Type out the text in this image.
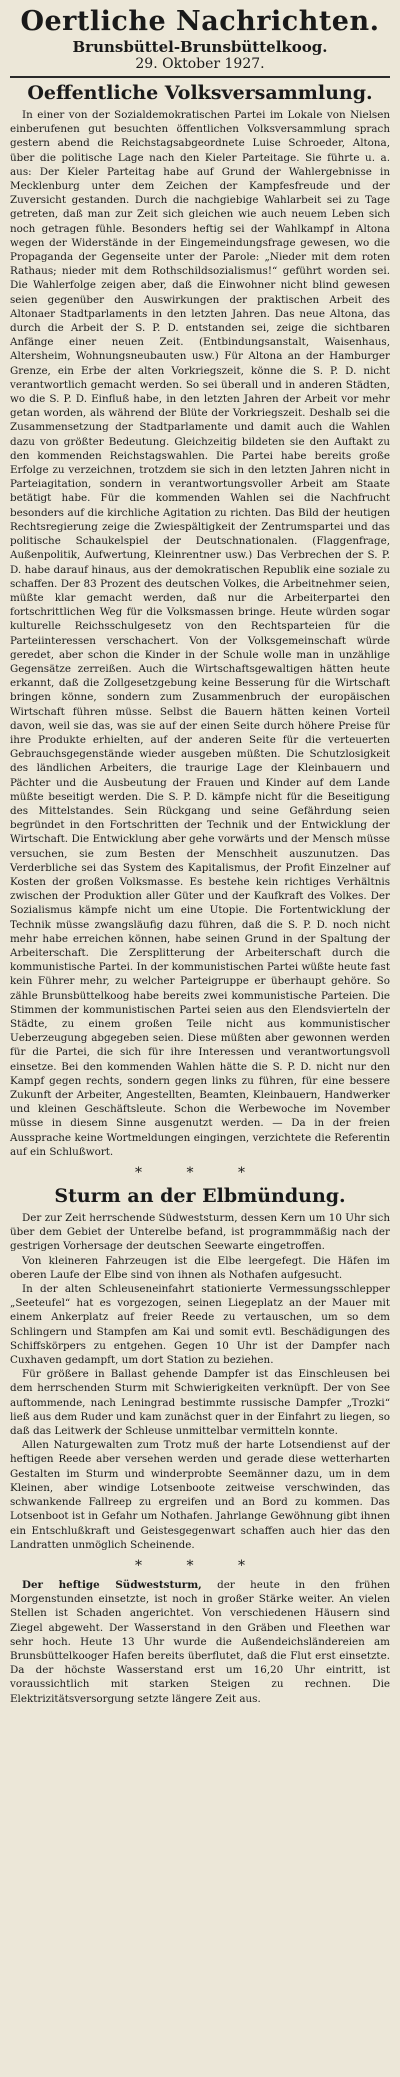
Oertliche Nachrichten.
Brunsbüttel-Brunsbüttelkoog.
29. Oktober 1927.
Oeffentliche Volksversammlung.

In einer von der Sozialdemokratischen Partei im Lokale von Nielsen einberufenen gut besuchten öffentlichen Volksversammlung sprach gestern abend die Reichstagsabgeordnete Luise Schroeder, Altona, über die politische Lage nach den Kieler Parteitage. Sie führte u. a. aus: Der Kieler Parteitag habe auf Grund der Wahlergebnisse in Mecklenburg unter dem Zeichen der Kampfesfreude und der Zuversicht gestanden. Durch die nachgiebige Wahlarbeit sei zu Tage getreten, daß man zur Zeit sich gleichen wie auch neuem Leben sich noch getragen fühle. Besonders heftig sei der Wahlkampf in Altona wegen der Widerstände in der Eingemeindungsfrage gewesen, wo die Propaganda der Gegenseite unter der Parole: „Nieder mit dem roten Rathaus; nieder mit dem Rothschildsozialismus!“ geführt worden sei. Die Wahlerfolge zeigen aber, daß die Einwohner nicht blind gewesen seien gegenüber den Auswirkungen der praktischen Arbeit des Altonaer Stadtparlaments in den letzten Jahren. Das neue Altona, das durch die Arbeit der S. P. D. entstanden sei, zeige die sichtbaren Anfänge einer neuen Zeit. (Entbindungsanstalt, Waisenhaus, Altersheim, Wohnungsneubauten usw.) Für Altona an der Hamburger Grenze, ein Erbe der alten Vorkriegszeit, könne die S. P. D. nicht verantwortlich gemacht werden. So sei überall und in anderen Städten, wo die S. P. D. Einfluß habe, in den letzten Jahren der Arbeit vor mehr getan worden, als während der Blüte der Vorkriegszeit. Deshalb sei die Zusammensetzung der Stadtparlamente und damit auch die Wahlen dazu von größter Bedeutung. Gleichzeitig bildeten sie den Auftakt zu den kommenden Reichstagswahlen. Die Partei habe bereits große Erfolge zu verzeichnen, trotzdem sie sich in den letzten Jahren nicht in Parteiagitation, sondern in verantwortungsvoller Arbeit am Staate betätigt habe. Für die kommenden Wahlen sei die Nachfrucht besonders auf die kirchliche Agitation zu richten. Das Bild der heutigen Rechtsregierung zeige die Zwiespältigkeit der Zentrumspartei und das politische Schaukelspiel der Deutschnationalen. (Flaggenfrage, Außenpolitik, Aufwertung, Kleinrentner usw.) Das Verbrechen der S. P. D. habe darauf hinaus, aus der demokratischen Republik eine soziale zu schaffen. Der 83 Prozent des deutschen Volkes, die Arbeitnehmer seien, müßte klar gemacht werden, daß nur die Arbeiterpartei den fortschrittlichen Weg für die Volksmassen bringe. Heute würden sogar kulturelle Reichsschulgesetz von den Rechtsparteien für die Parteiinteressen verschachert. Von der Volksgemeinschaft würde geredet, aber schon die Kinder in der Schule wolle man in unzählige Gegensätze zerreißen. Auch die Wirtschaftsgewaltigen hätten heute erkannt, daß die Zollgesetzgebung keine Besserung für die Wirtschaft bringen könne, sondern zum Zusammenbruch der europäischen Wirtschaft führen müsse. Selbst die Bauern hätten keinen Vorteil davon, weil sie das, was sie auf der einen Seite durch höhere Preise für ihre Produkte erhielten, auf der anderen Seite für die verteuerten Gebrauchsgegenstände wieder ausgeben müßten. Die Schutzlosigkeit des ländlichen Arbeiters, die traurige Lage der Kleinbauern und Pächter und die Ausbeutung der Frauen und Kinder auf dem Lande müßte beseitigt werden. Die S. P. D. kämpfe nicht für die Beseitigung des Mittelstandes. Sein Rückgang und seine Gefährdung seien begründet in den Fortschritten der Technik und der Entwicklung der Wirtschaft. Die Entwicklung aber gehe vorwärts und der Mensch müsse versuchen, sie zum Besten der Menschheit auszunutzen. Das Verderbliche sei das System des Kapitalismus, der Profit Einzelner auf Kosten der großen Volksmasse. Es bestehe kein richtiges Verhältnis zwischen der Produktion aller Güter und der Kaufkraft des Volkes. Der Sozialismus kämpfe nicht um eine Utopie. Die Fortentwicklung der Technik müsse zwangsläufig dazu führen, daß die S. P. D. noch nicht mehr habe erreichen können, habe seinen Grund in der Spaltung der Arbeiterschaft. Die Zersplitterung der Arbeiterschaft durch die kommunistische Partei. In der kommunistischen Partei wüßte heute fast kein Führer mehr, zu welcher Parteigruppe er überhaupt gehöre. So zähle Brunsbüttelkoog habe bereits zwei kommunistische Parteien. Die Stimmen der kommunistischen Partei seien aus den Elendsvierteln der Städte, zu einem großen Teile nicht aus kommunistischer Ueberzeugung abgegeben seien. Diese müßten aber gewonnen werden für die Partei, die sich für ihre Interessen und verantwortungsvoll einsetze. Bei den kommenden Wahlen hätte die S. P. D. nicht nur den Kampf gegen rechts, sondern gegen links zu führen, für eine bessere Zukunft der Arbeiter, Angestellten, Beamten, Kleinbauern, Handwerker und kleinen Geschäftsleute. Schon die Werbewoche im November müsse in diesem Sinne ausgenutzt werden. — Da in der freien Aussprache keine Wortmeldungen eingingen, verzichtete die Referentin auf ein Schlußwort.

* * *
Sturm an der Elbmündung.

Der zur Zeit herrschende Südweststurm, dessen Kern um 10 Uhr sich über dem Gebiet der Unterelbe befand, ist programmmäßig nach der gestrigen Vorhersage der deutschen Seewarte eingetroffen.

Von kleineren Fahrzeugen ist die Elbe leergefegt. Die Häfen im oberen Laufe der Elbe sind von ihnen als Nothafen aufgesucht.

In der alten Schleuseneinfahrt stationierte Vermessungsschlepper „Seeteufel“ hat es vorgezogen, seinen Liegeplatz an der Mauer mit einem Ankerplatz auf freier Reede zu vertauschen, um so dem Schlingern und Stampfen am Kai und somit evtl. Beschädigungen des Schiffskörpers zu entgehen. Gegen 10 Uhr ist der Dampfer nach Cuxhaven gedampft, um dort Station zu beziehen.

Für größere in Ballast gehende Dampfer ist das Einschleusen bei dem herrschenden Sturm mit Schwierigkeiten verknüpft. Der von See auftommende, nach Leningrad bestimmte russische Dampfer „Trozki“ ließ aus dem Ruder und kam zunächst quer in der Einfahrt zu liegen, so daß das Leitwerk der Schleuse unmittelbar vermitteln konnte.

Allen Naturgewalten zum Trotz muß der harte Lotsendienst auf der heftigen Reede aber versehen werden und gerade diese wetterharten Gestalten im Sturm und winderprobte Seemänner dazu, um in dem Kleinen, aber windige Lotsenboote zeitweise verschwinden, das schwankende Fallreep zu ergreifen und an Bord zu kommen. Das Lotsenboot ist in Gefahr um Nothafen. Jahrlange Gewöhnung gibt ihnen ein Entschlußkraft und Geistesgegenwart schaffen auch hier das den Landratten unmöglich Scheinende.

* * *

Der heftige Südweststurm, der heute in den frühen Morgenstunden einsetzte, ist noch in großer Stärke weiter. An vielen Stellen ist Schaden angerichtet. Von verschiedenen Häusern sind Ziegel abgeweht. Der Wasserstand in den Gräben und Fleethen war sehr hoch. Heute 13 Uhr wurde die Außendeichsländereien am Brunsbüttelkooger Hafen bereits überflutet, daß die Flut erst einsetzte. Da der höchste Wasserstand erst um 16,20 Uhr eintritt, ist voraussichtlich mit starken Steigen zu rechnen. Die Elektrizitätsversorgung setzte längere Zeit aus.
